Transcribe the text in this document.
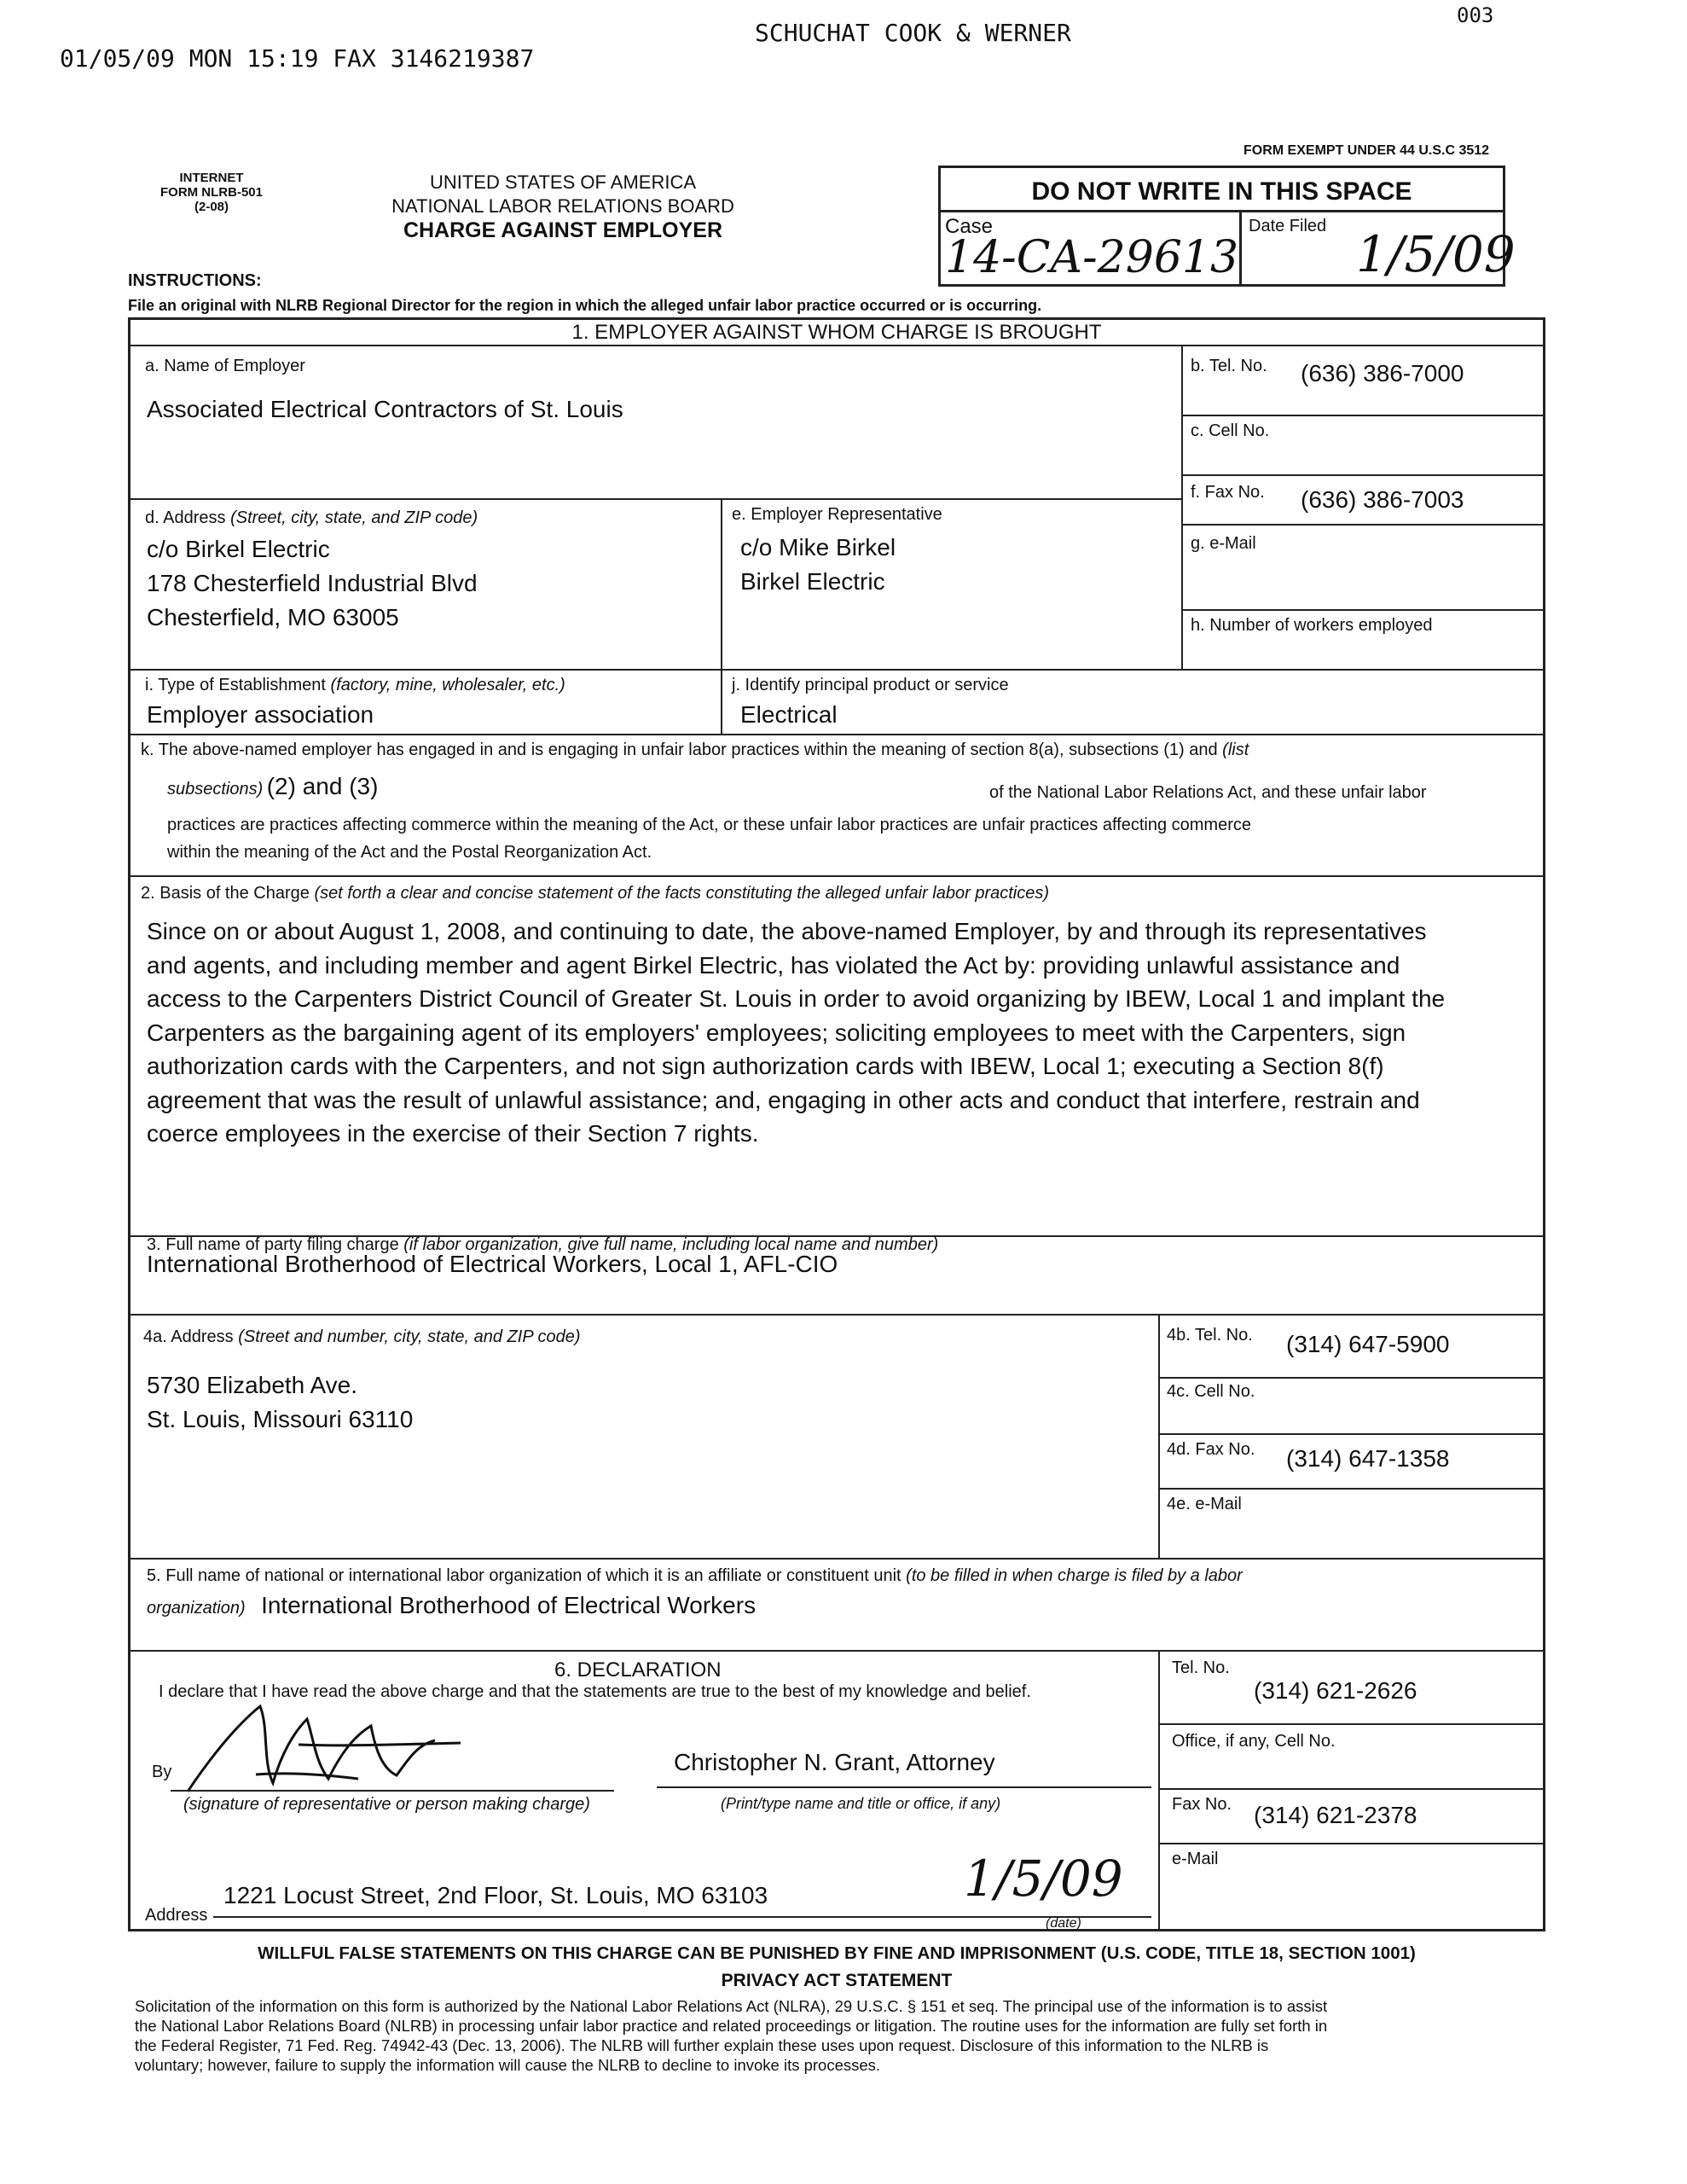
01/05/09 MON 15:19 FAX 3146219387
SCHUCHAT COOK & WERNER
003
FORM EXEMPT UNDER 44 U.S.C 3512
INTERNET
FORM NLRB-501
(2-08)
UNITED STATES OF AMERICA
NATIONAL LABOR RELATIONS BOARD
CHARGE AGAINST EMPLOYER
DO NOT WRITE IN THIS SPACE
Case
14-CA-29613
Date Filed 1/5/09
INSTRUCTIONS:
File an original with NLRB Regional Director for the region in which the alleged unfair labor practice occurred or is occurring.
1. EMPLOYER AGAINST WHOM CHARGE IS BROUGHT
a. Name of Employer
Associated Electrical Contractors of St. Louis
b. Tel. No. (636) 386-7000
c. Cell No.
f. Fax No. (636) 386-7003
d. Address (Street, city, state, and ZIP code)
c/o Birkel Electric
178 Chesterfield Industrial Blvd
Chesterfield, MO 63005
e. Employer Representative
c/o Mike Birkel
Birkel Electric
g. e-Mail
h. Number of workers employed
i. Type of Establishment (factory, mine, wholesaler, etc.)
Employer association
j. Identify principal product or service
Electrical
k. The above-named employer has engaged in and is engaging in unfair labor practices within the meaning of section 8(a), subsections (1) and (list
subsections) (2) and (3)	of the National Labor Relations Act, and these unfair labor
practices are practices affecting commerce within the meaning of the Act, or these unfair labor practices are unfair practices affecting commerce
within the meaning of the Act and the Postal Reorganization Act.
2. Basis of the Charge (set forth a clear and concise statement of the facts constituting the alleged unfair labor practices)
Since on or about August 1, 2008, and continuing to date, the above-named Employer, by and through its representatives
and agents, and including member and agent Birkel Electric, has violated the Act by: providing unlawful assistance and
access to the Carpenters District Council of Greater St. Louis in order to avoid organizing by IBEW, Local 1 and implant the
Carpenters as the bargaining agent of its employers' employees; soliciting employees to meet with the Carpenters, sign
authorization cards with the Carpenters, and not sign authorization cards with IBEW, Local 1; executing a Section 8(f)
agreement that was the result of unlawful assistance; and, engaging in other acts and conduct that interfere, restrain and
coerce employees in the exercise of their Section 7 rights.
3. Full name of party filing charge (if labor organization, give full name, including local name and number)
International Brotherhood of Electrical Workers, Local 1, AFL-CIO
4a. Address (Street and number, city, state, and ZIP code)
5730 Elizabeth Ave.
St. Louis, Missouri 63110
4b. Tel. No. (314) 647-5900
4c. Cell No.
4d. Fax No. (314) 647-1358
4e. e-Mail
5. Full name of national or international labor organization of which it is an affiliate or constituent unit (to be filled in when charge is filed by a labor
organization) International Brotherhood of Electrical Workers
6. DECLARATION
I declare that I have read the above charge and that the statements are true to the best of my knowledge and belief.
By
(signature of representative or person making charge)
Christopher N. Grant, Attorney
(Print/type name and title or office, if any)
Address
1221 Locust Street, 2nd Floor, St. Louis, MO 63103	1/5/09
(date)
Tel. No.
(314) 621-2626
Office, if any, Cell No.
Fax No. (314) 621-2378
e-Mail
WILLFUL FALSE STATEMENTS ON THIS CHARGE CAN BE PUNISHED BY FINE AND IMPRISONMENT (U.S. CODE, TITLE 18, SECTION 1001)
PRIVACY ACT STATEMENT
Solicitation of the information on this form is authorized by the National Labor Relations Act (NLRA), 29 U.S.C. § 151 et seq. The principal use of the information is to assist
the National Labor Relations Board (NLRB) in processing unfair labor practice and related proceedings or litigation. The routine uses for the information are fully set forth in
the Federal Register, 71 Fed. Reg. 74942-43 (Dec. 13, 2006). The NLRB will further explain these uses upon request. Disclosure of this information to the NLRB is
voluntary; however, failure to supply the information will cause the NLRB to decline to invoke its processes.
